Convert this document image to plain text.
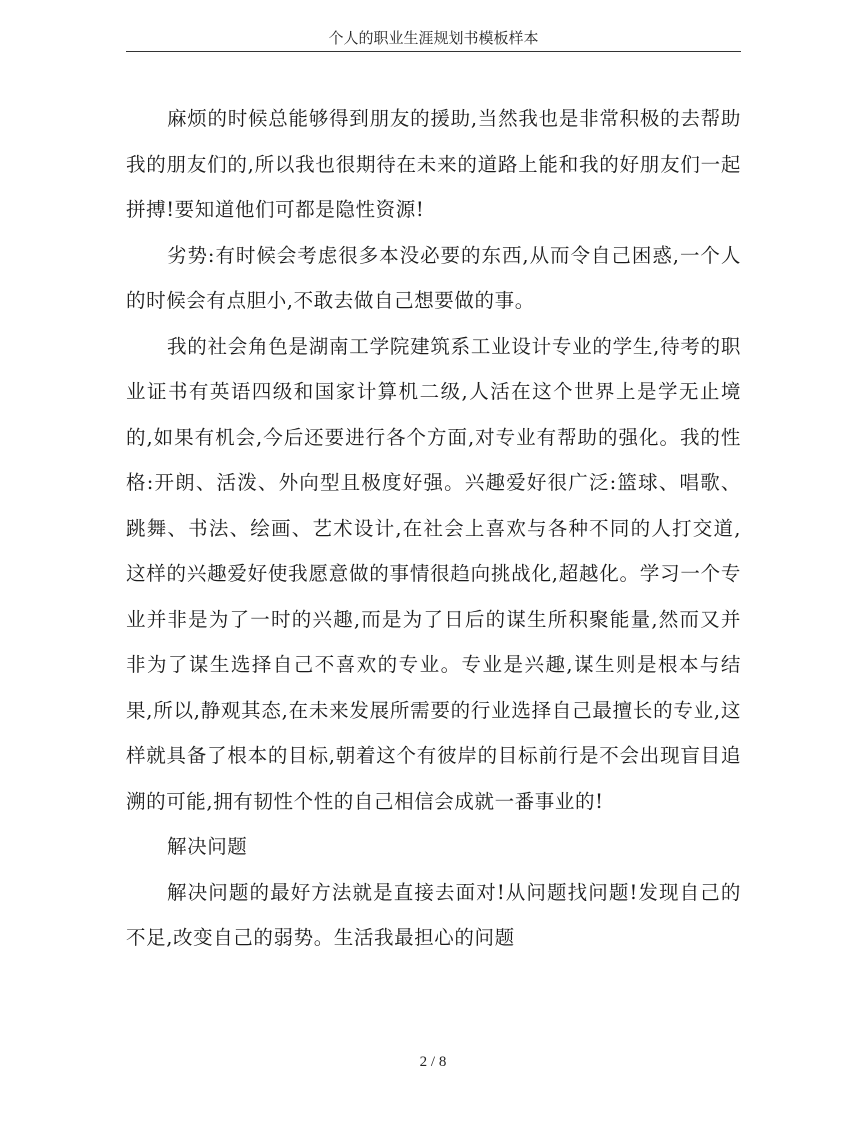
个人的职业生涯规划书模板样本

麻烦的时候总能够得到朋友的援助,当然我也是非常积极的去帮助我的朋友们的,所以我也很期待在未来的道路上能和我的好朋友们一起拼搏!要知道他们可都是隐性资源!

劣势:有时候会考虑很多本没必要的东西,从而令自己困惑,一个人的时候会有点胆小,不敢去做自己想要做的事。

我的社会角色是湖南工学院建筑系工业设计专业的学生,待考的职业证书有英语四级和国家计算机二级,人活在这个世界上是学无止境的,如果有机会,今后还要进行各个方面,对专业有帮助的强化。我的性格:开朗、活泼、外向型且极度好强。兴趣爱好很广泛:篮球、唱歌、跳舞、书法、绘画、艺术设计,在社会上喜欢与各种不同的人打交道,这样的兴趣爱好使我愿意做的事情很趋向挑战化,超越化。学习一个专业并非是为了一时的兴趣,而是为了日后的谋生所积聚能量,然而又并非为了谋生选择自己不喜欢的专业。专业是兴趣,谋生则是根本与结果,所以,静观其态,在未来发展所需要的行业选择自己最擅长的专业,这样就具备了根本的目标,朝着这个有彼岸的目标前行是不会出现盲目追溯的可能,拥有韧性个性的自己相信会成就一番事业的!

解决问题

解决问题的最好方法就是直接去面对!从问题找问题!发现自己的不足,改变自己的弱势。生活我最担心的问题

2 / 8
